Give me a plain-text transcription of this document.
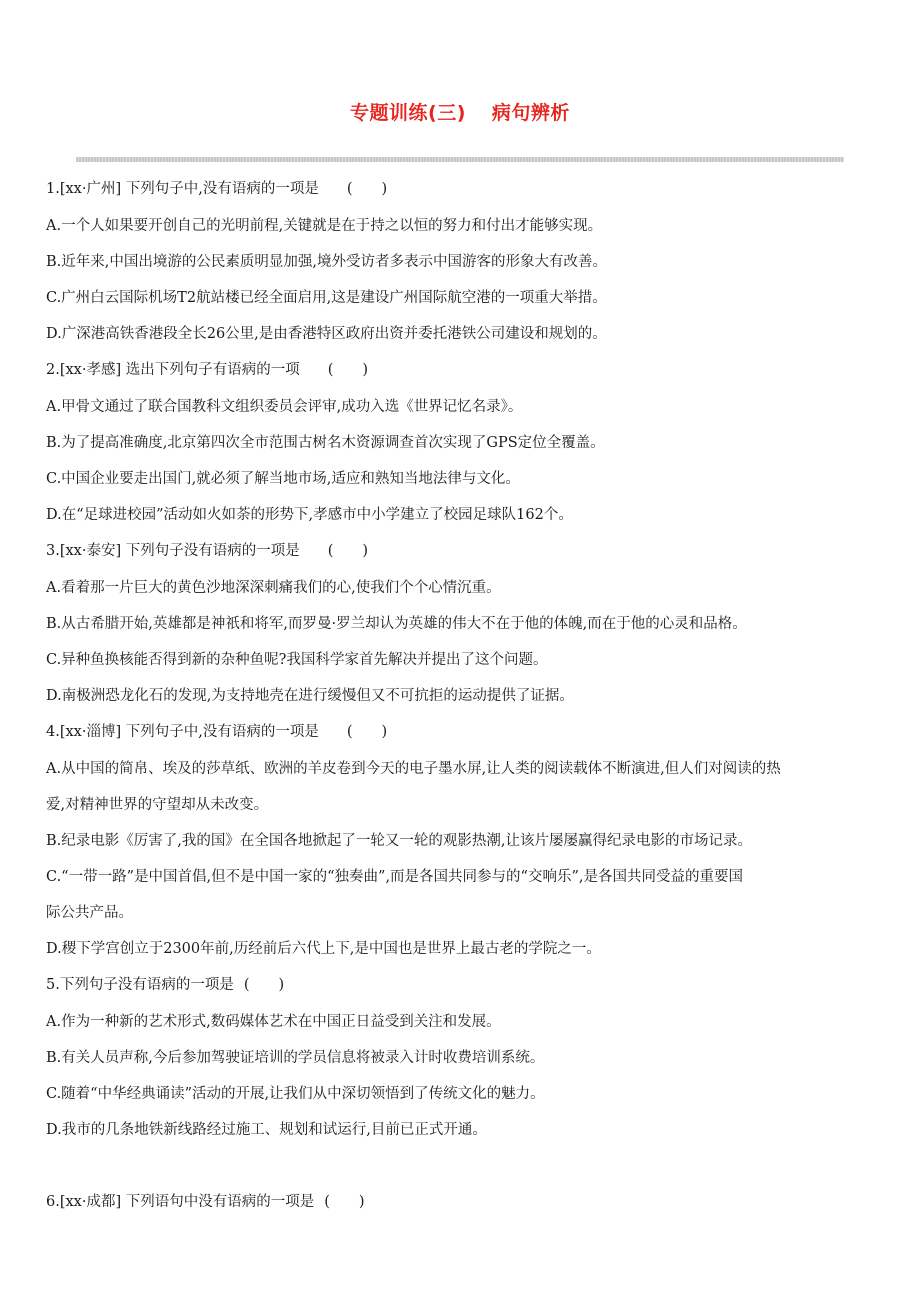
专题训练(三) 病句辨析
1.[xx·广州] 下列句子中,没有语病的一项是 (　　)
A.一个人如果要开创自己的光明前程,关键就是在于持之以恒的努力和付出才能够实现。
B.近年来,中国出境游的公民素质明显加强,境外受访者多表示中国游客的形象大有改善。
C.广州白云国际机场T2航站楼已经全面启用,这是建设广州国际航空港的一项重大举措。
D.广深港高铁香港段全长26公里,是由香港特区政府出资并委托港铁公司建设和规划的。
2.[xx·孝感] 选出下列句子有语病的一项 (　　)
A.甲骨文通过了联合国教科文组织委员会评审,成功入选《世界记忆名录》。
B.为了提高准确度,北京第四次全市范围古树名木资源调查首次实现了GPS定位全覆盖。
C.中国企业要走出国门,就必须了解当地市场,适应和熟知当地法律与文化。
D.在“足球进校园”活动如火如荼的形势下,孝感市中小学建立了校园足球队162个。
3.[xx·泰安] 下列句子没有语病的一项是 (　　)
A.看着那一片巨大的黄色沙地深深刺痛我们的心,使我们个个心情沉重。
B.从古希腊开始,英雄都是神祇和将军,而罗曼·罗兰却认为英雄的伟大不在于他的体魄,而在于他的心灵和品格。
C.异种鱼换核能否得到新的杂种鱼呢?我国科学家首先解决并提出了这个问题。
D.南极洲恐龙化石的发现,为支持地壳在进行缓慢但又不可抗拒的运动提供了证据。
4.[xx·淄博] 下列句子中,没有语病的一项是 (　　)
A.从中国的简帛、埃及的莎草纸、欧洲的羊皮卷到今天的电子墨水屏,让人类的阅读载体不断演进,但人们对阅读的热
爱,对精神世界的守望却从未改变。
B.纪录电影《厉害了,我的国》在全国各地掀起了一轮又一轮的观影热潮,让该片屡屡赢得纪录电影的市场记录。
C.“一带一路”是中国首倡,但不是中国一家的“独奏曲”,而是各国共同参与的“交响乐”,是各国共同受益的重要国
际公共产品。
D.稷下学宫创立于2300年前,历经前后六代上下,是中国也是世界上最古老的学院之一。
5.下列句子没有语病的一项是 (　　)
A.作为一种新的艺术形式,数码媒体艺术在中国正日益受到关注和发展。
B.有关人员声称,今后参加驾驶证培训的学员信息将被录入计时收费培训系统。
C.随着“中华经典诵读”活动的开展,让我们从中深切领悟到了传统文化的魅力。
D.我市的几条地铁新线路经过施工、规划和试运行,目前已正式开通。
6.[xx·成都] 下列语句中没有语病的一项是 (　　)
